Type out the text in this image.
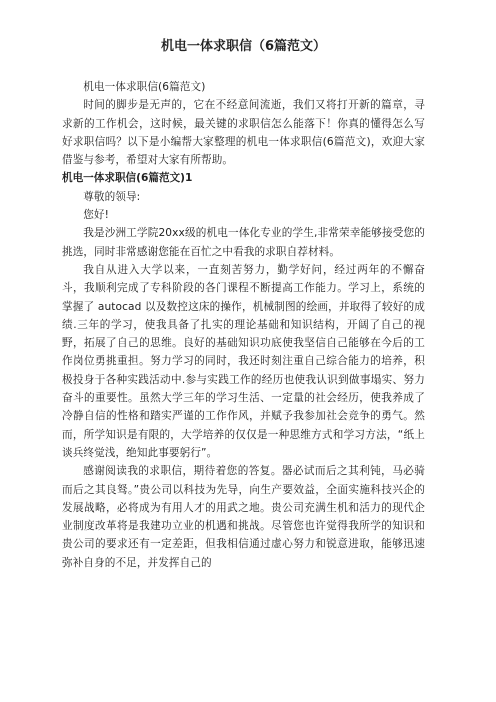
机电一体求职信（6篇范文）

机电一体求职信(6篇范文)

时间的脚步是无声的，它在不经意间流逝，我们又将打开新的篇章，寻求新的工作机会，这时候，最关键的求职信怎么能落下！你真的懂得怎么写好求职信吗？以下是小编帮大家整理的机电一体求职信(6篇范文)，欢迎大家借鉴与参考，希望对大家有所帮助。

机电一体求职信(6篇范文)1

尊敬的领导:

您好!

我是沙洲工学院20xx级的机电一体化专业的学生,非常荣幸能够接受您的挑选，同时非常感谢您能在百忙之中看我的求职自荐材料。

我自从进入大学以来，一直刻苦努力，勤学好问，经过两年的不懈奋斗，我顺利完成了专科阶段的各门课程不断提高工作能力。学习上，系统的掌握了 autocad 以及数控这床的操作，机械制图的绘画，并取得了较好的成绩.三年的学习，使我具备了扎实的理论基础和知识结构，开阔了自己的视野，拓展了自己的思维。良好的基础知识功底使我坚信自己能够在今后的工作岗位勇挑重担。努力学习的同时，我还时刻注重自己综合能力的培养，积极投身于各种实践活动中.参与实践工作的经历也使我认识到做事塌实、努力奋斗的重要性。虽然大学三年的学习生活、一定量的社会经历，使我养成了冷静自信的性格和踏实严谨的工作作风，并赋予我参加社会竞争的勇气。然而，所学知识是有限的，大学培养的仅仅是一种思维方式和学习方法，“纸上谈兵终觉浅，绝知此事要躬行”。

感谢阅读我的求职信，期待着您的答复。器必试而后之其利钝，马必骑而后之其良驽。”贵公司以科技为先导，向生产要效益，全面实施科技兴企的发展战略，必将成为有用人才的用武之地。贵公司充满生机和活力的现代企业制度改革将是我建功立业的机遇和挑战。尽管您也许觉得我所学的知识和贵公司的要求还有一定差距，但我相信通过虚心努力和锐意进取，能够迅速弥补自身的不足，并发挥自己的
